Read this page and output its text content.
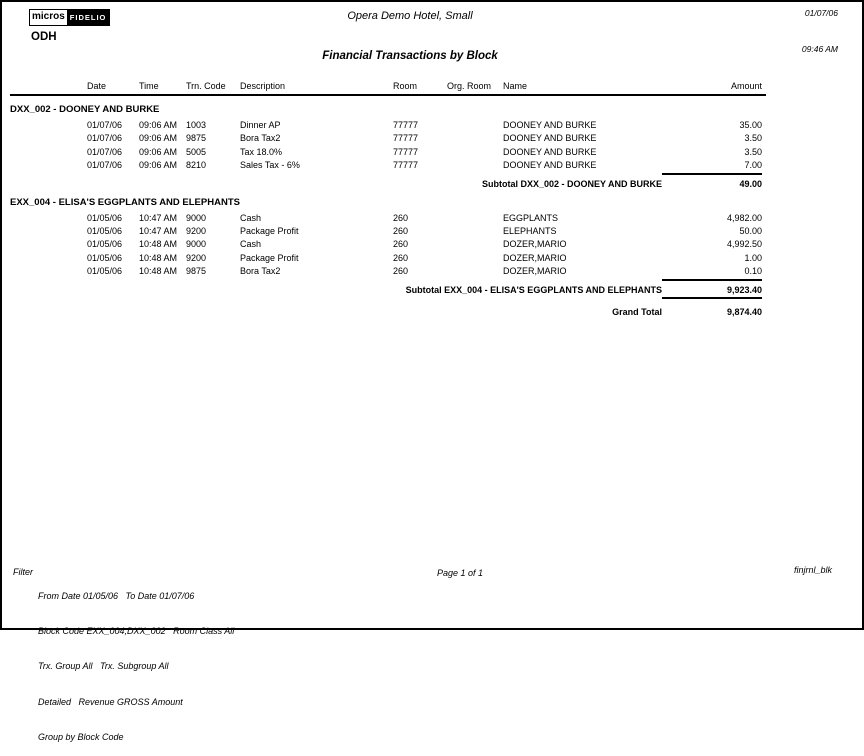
micros FIDELIO
ODH
Opera Demo Hotel, Small
Financial Transactions by Block
01/07/06
09:46 AM
Date	Time	Trn. Code Description	Room	Org. Room Name	Amount
DXX_002 - DOONEY AND BURKE
01/07/06 09:06 AM 1003	Dinner AP	77777	DOONEY AND BURKE	35.00
01/07/06 09:06 AM 9875	Bora Tax2	77777	DOONEY AND BURKE	3.50
01/07/06 09:06 AM 5005	Tax 18.0%	77777	DOONEY AND BURKE	3.50
01/07/06 09:06 AM 8210	Sales Tax - 6%	77777	DOONEY AND BURKE	7.00
Subtotal DXX_002 - DOONEY AND BURKE	49.00
EXX_004 - ELISA'S EGGPLANTS AND ELEPHANTS
01/05/06 10:47 AM 9000	Cash	260	EGGPLANTS	4,982.00
01/05/06 10:47 AM 9200	Package Profit	260	ELEPHANTS	50.00
01/05/06 10:48 AM 9000	Cash	260	DOZER,MARIO	4,992.50
01/05/06 10:48 AM 9200	Package Profit	260	DOZER,MARIO	1.00
01/05/06 10:48 AM 9875	Bora Tax2	260	DOZER,MARIO	0.10
Subtotal EXX_004 - ELISA'S EGGPLANTS AND ELEPHANTS	9,923.40
Grand Total	9,874.40
Filter

From Date 01/05/06   To Date 01/07/06

Block Code EXX_004,DXX_002   Room Class All

Trx. Group All   Trx. Subgroup All

Detailed   Revenue GROSS Amount

Group by Block Code

Page 1 of 1	finjrnl_blk
